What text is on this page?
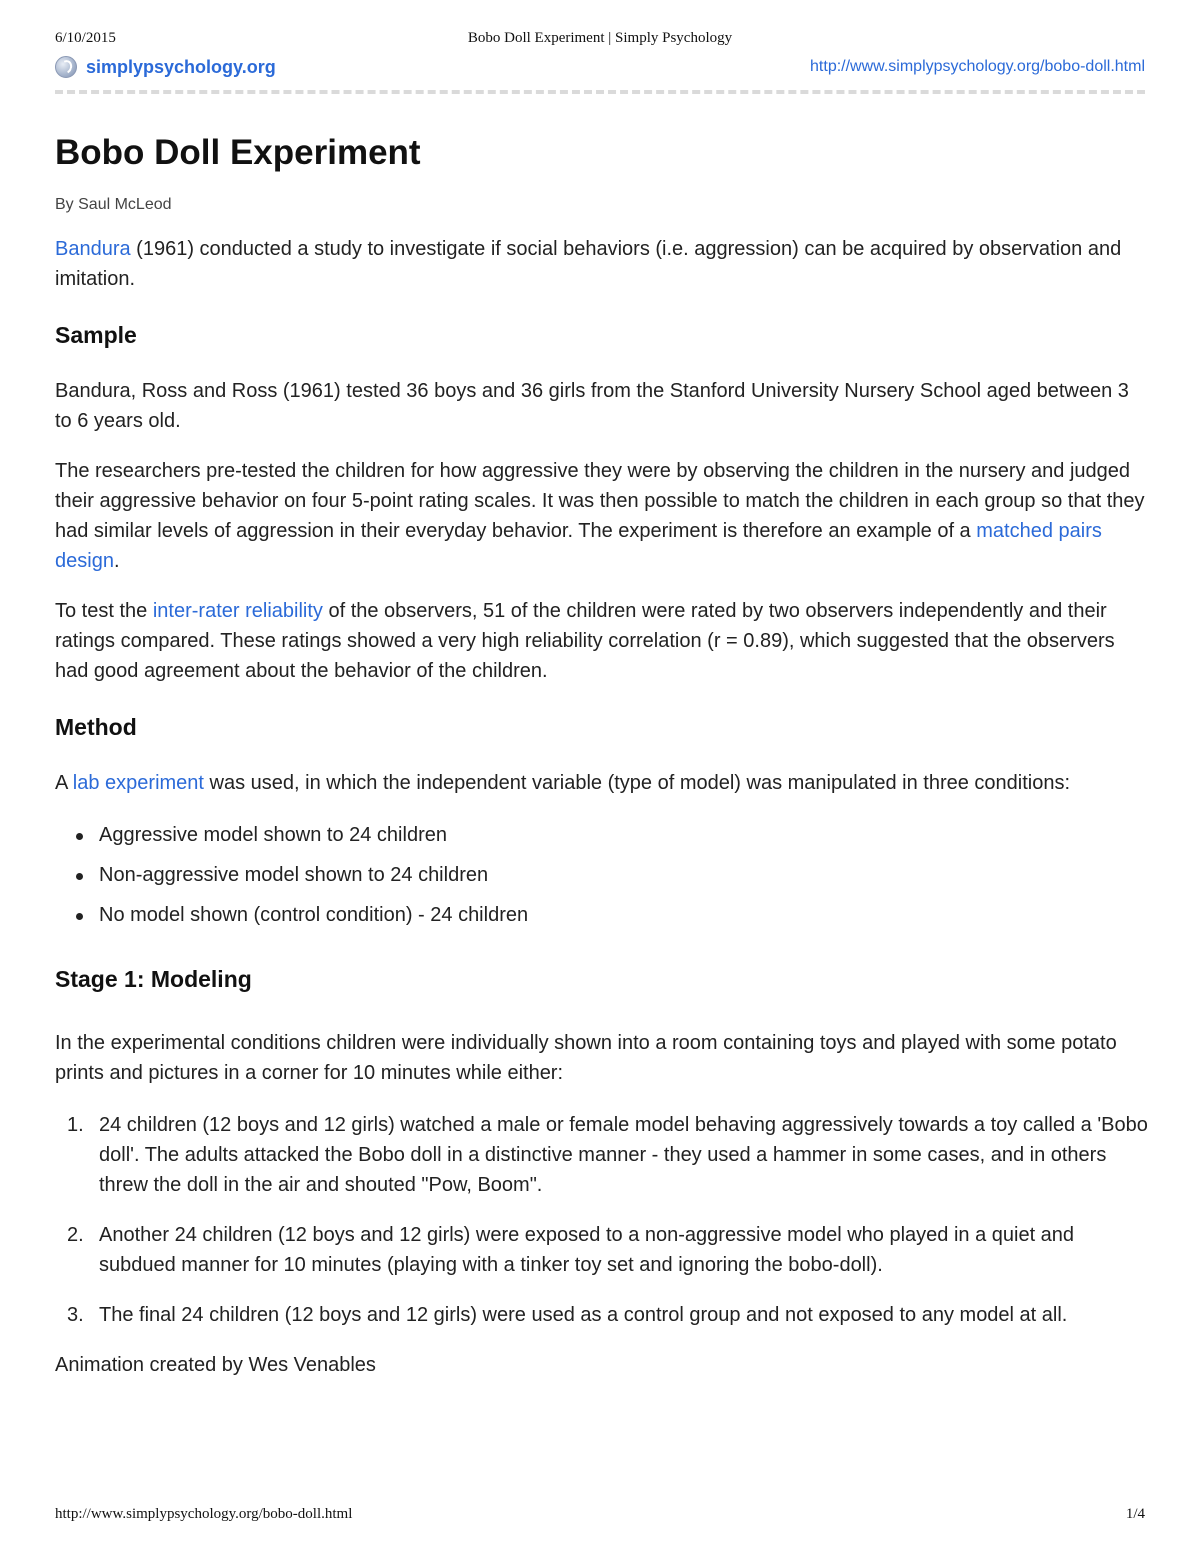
6/10/2015	Bobo Doll Experiment | Simply Psychology
simplypsychology.org	http://www.simplypsychology.org/bobo-doll.html
Bobo Doll Experiment
By Saul McLeod

Bandura (1961) conducted a study to investigate if social behaviors (i.e. aggression) can be acquired by observation and imitation.

Sample

Bandura, Ross and Ross (1961) tested 36 boys and 36 girls from the Stanford University Nursery School aged between 3 to 6 years old.

The researchers pre-tested the children for how aggressive they were by observing the children in the nursery and judged their aggressive behavior on four 5-point rating scales. It was then possible to match the children in each group so that they had similar levels of aggression in their everyday behavior. The experiment is therefore an example of a matched pairs design.

To test the inter-rater reliability of the observers, 51 of the children were rated by two observers independently and their ratings compared. These ratings showed a very high reliability correlation (r = 0.89), which suggested that the observers had good agreement about the behavior of the children.

Method

A lab experiment was used, in which the independent variable (type of model) was manipulated in three conditions:

Aggressive model shown to 24 children
Non-aggressive model shown to 24 children
No model shown (control condition) - 24 children
Stage 1: Modeling

In the experimental conditions children were individually shown into a room containing toys and played with some potato prints and pictures in a corner for 10 minutes while either:

1. 24 children (12 boys and 12 girls) watched a male or female model behaving aggressively towards a toy called a 'Bobo doll'. The adults attacked the Bobo doll in a distinctive manner - they used a hammer in some cases, and in others threw the doll in the air and shouted "Pow, Boom".
2. Another 24 children (12 boys and 12 girls) were exposed to a non-aggressive model who played in a quiet and subdued manner for 10 minutes (playing with a tinker toy set and ignoring the bobo-doll).
3. The final 24 children (12 boys and 12 girls) were used as a control group and not exposed to any model at all.

Animation created by Wes Venables

http://www.simplypsychology.org/bobo-doll.html	1/4
